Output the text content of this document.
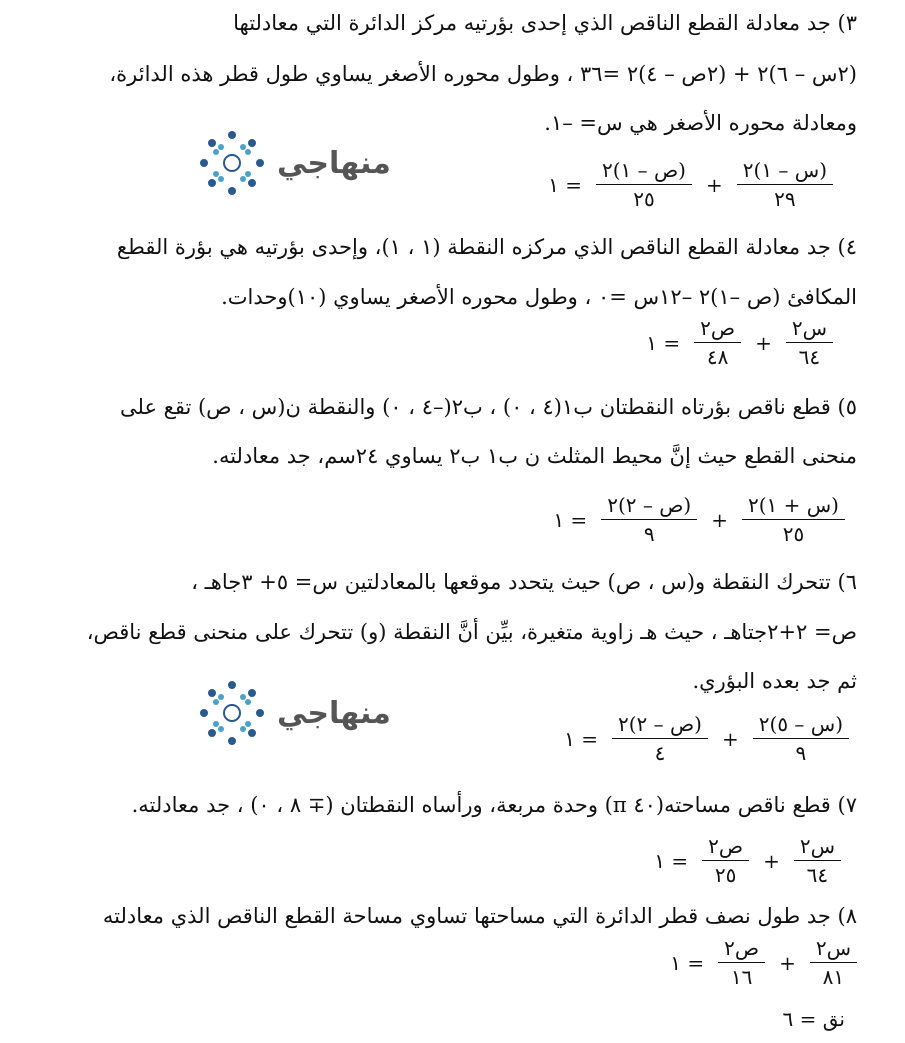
٣) جد معادلة القطع الناقص الذي إحدى بؤرتيه مركز الدائرة التي معادلتها
(٢س – ٦)٢ + (٢ص – ٤)٢ =٣٦ ، وطول محوره الأصغر يساوي طول قطر هذه الدائرة،
ومعادلة محوره الأصغر هي س= –١.
منهاجي	$\frac{\text{(س – ١)٢}}{٢٩}$
+
$\frac{\text{(ص – ١)٢}}{٢٥}$
= ١
٤) جد معادلة القطع الناقص الذي مركزه النقطة (١ ، ١)، وإحدى بؤرتيه هي بؤرة القطع
المكافئ (ص –١)٢ –١٢س =٠ ، وطول محوره الأصغر يساوي (١٠)وحدات.
$\frac{\text{س٢}}{٦٤}$
+
$\frac{\text{ص٢}}{٤٨}$
= ١
٥) قطع ناقص بؤرتاه النقطتان ب١(٤ ، ٠) ، ب٢(–٤ ، ٠) والنقطة ن(س ، ص) تقع على
منحنى القطع حيث إنَّ محيط المثلث ن ب١ ب٢ يساوي ٢٤سم، جد معادلته.
$\frac{\text{(س + ١)٢}}{٢٥}$
+
$\frac{\text{(ص – ٢)٢}}{٩}$
= ١
٦) تتحرك النقطة و(س ، ص) حيث يتحدد موقعها بالمعادلتين س= ٥+ ٣جاهـ ،
ص= ٢+٢جتاهـ ، حيث هـ زاوية متغيرة، بيِّن أنَّ النقطة (و) تتحرك على منحنى قطع ناقص،
ثم جد بعده البؤري.
منهاجي	$\frac{\text{(س – ٥)٢}}{٩}$
+
$\frac{\text{(ص – ٢)٢}}{٤}$
= ١
٧) قطع ناقص مساحته(٤٠ π) وحدة مربعة، ورأساه النقطتان (∓ ٨ ، ٠) ، جد معادلته.
$\frac{\text{س٢}}{٦٤}$
+
$\frac{\text{ص٢}}{٢٥}$
= ١
٨) جد طول نصف قطر الدائرة التي مساحتها تساوي مساحة القطع الناقص الذي معادلته
$\frac{\text{س٢}}{٨١}$
+
$\frac{\text{ص٢}}{١٦}$
= ١
نق = ٦
